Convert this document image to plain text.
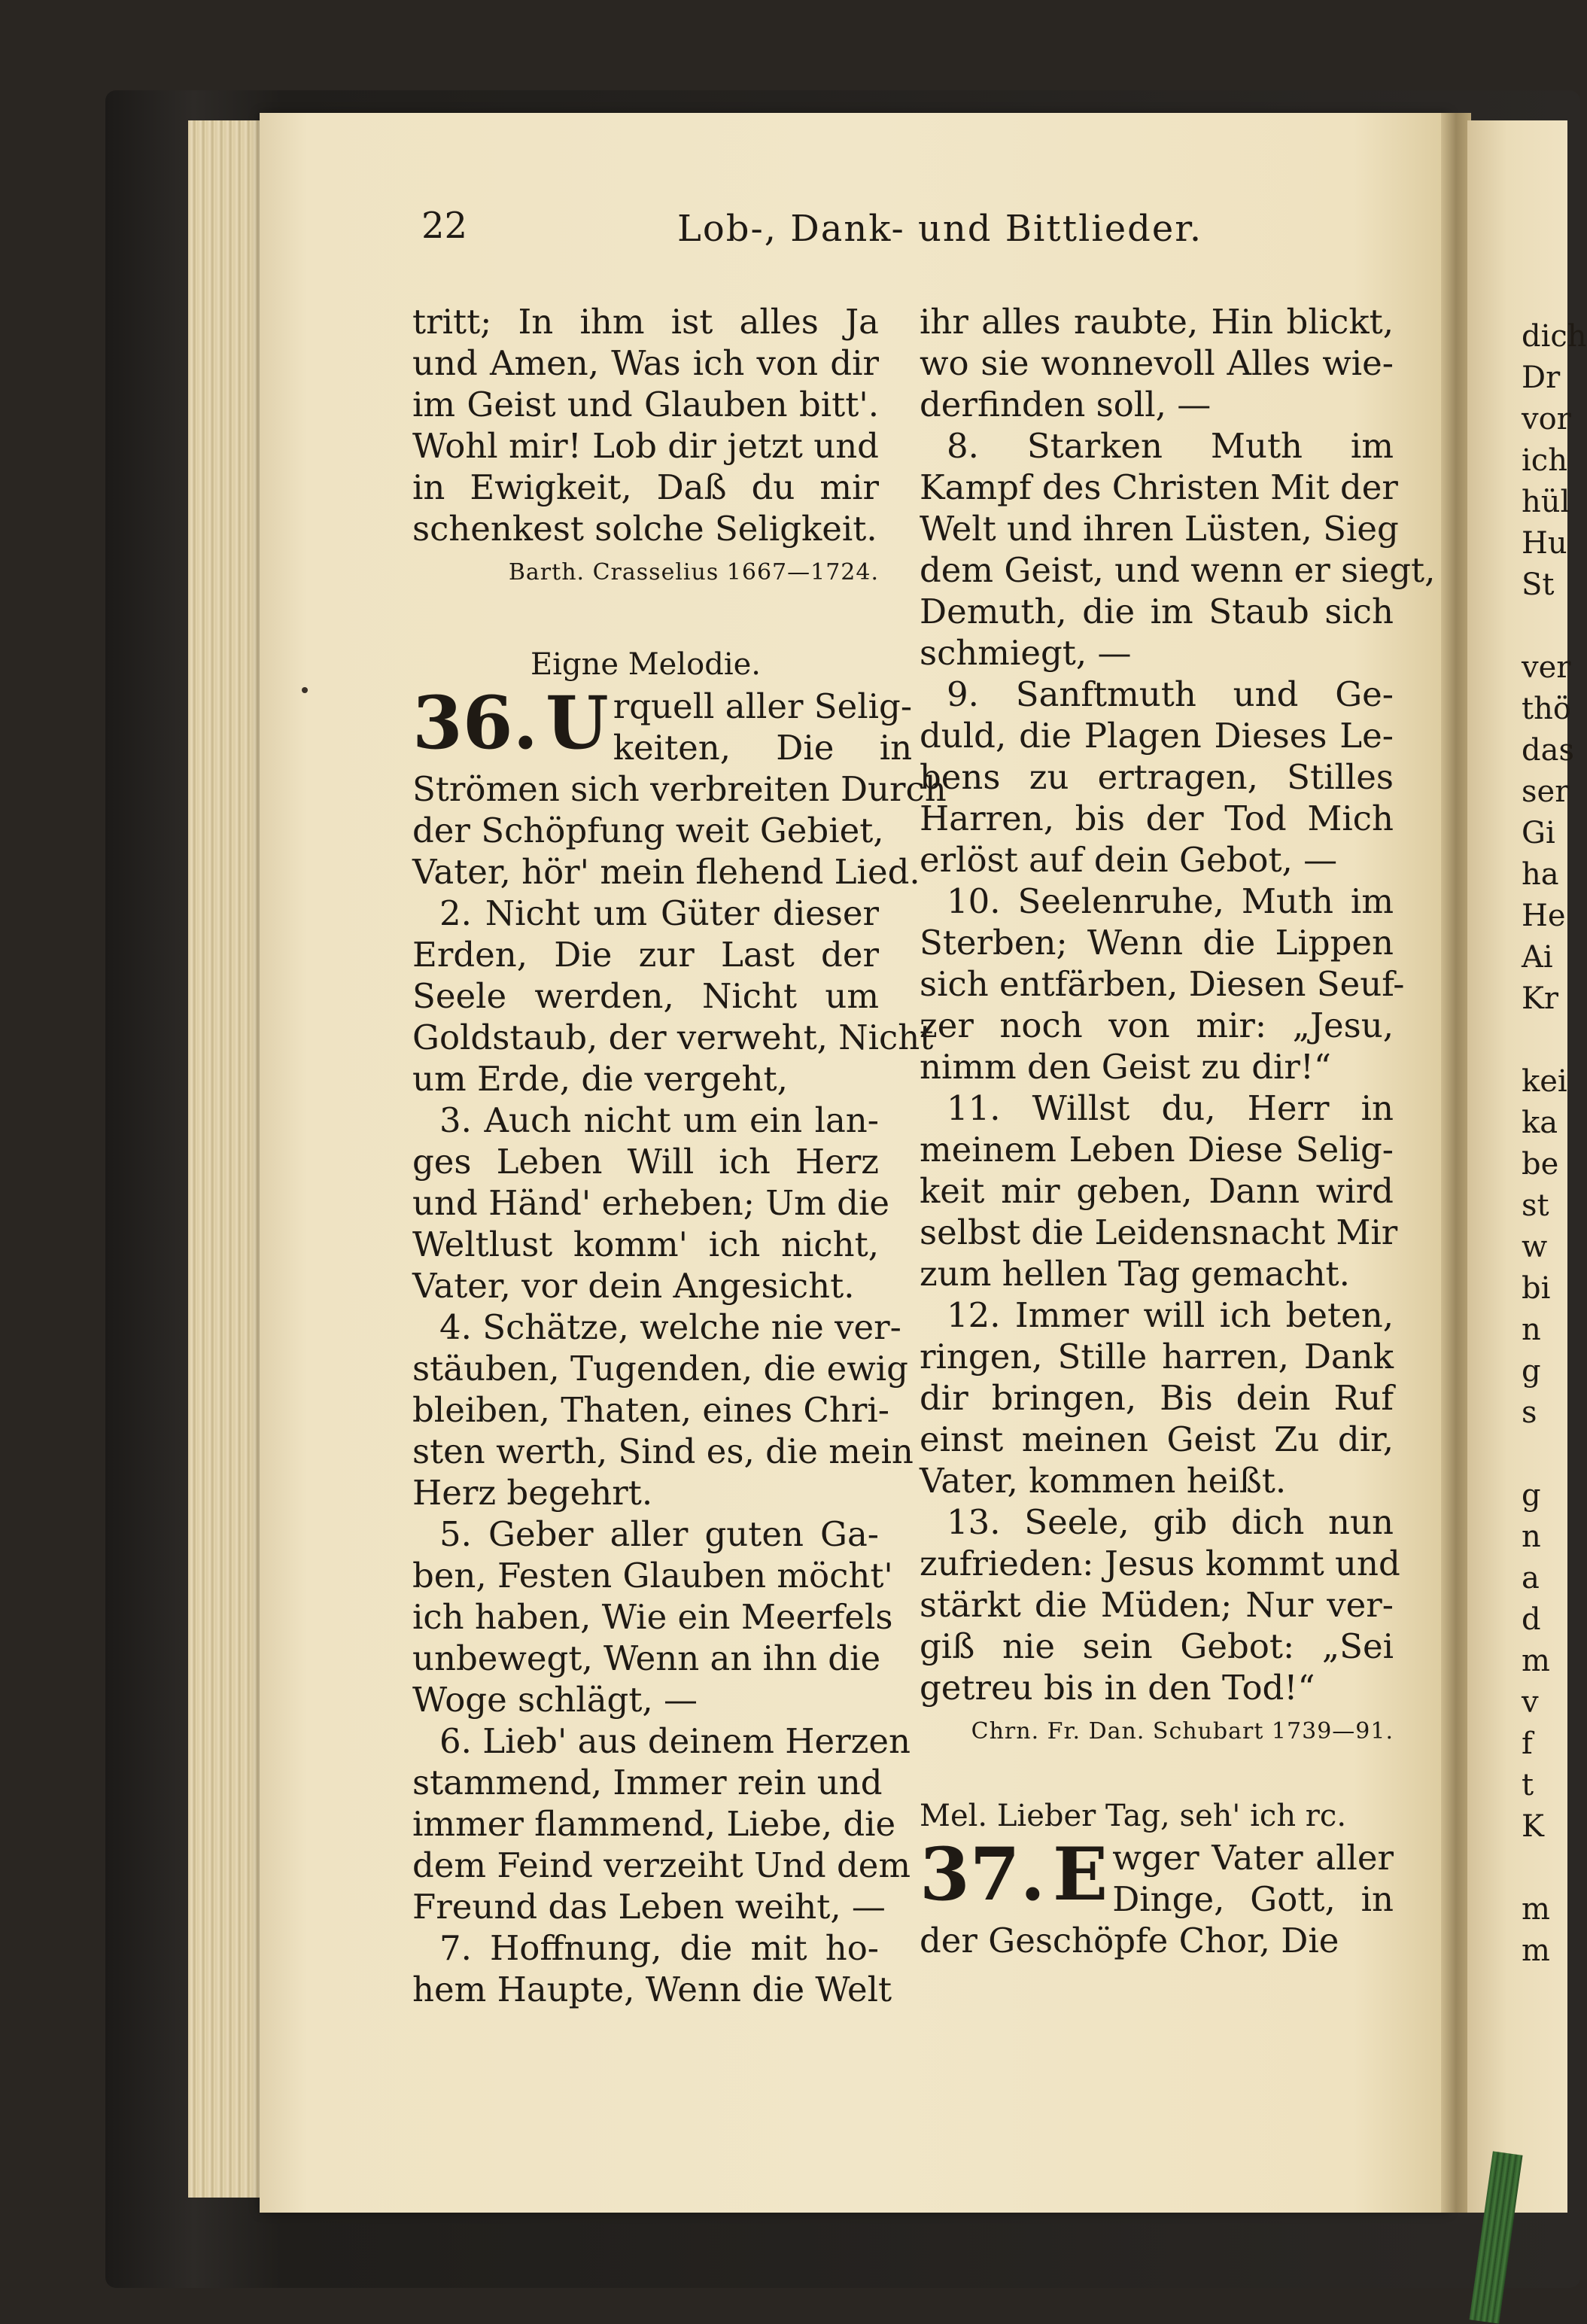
22	Lob-, Dank- und Bittlieder.
tritt; In ihm ist alles Ja
und Amen, Was ich von dir
im Geist und Glauben bitt'.
Wohl mir! Lob dir jetzt und
in Ewigkeit, Daß du mir
schenkest solche Seligkeit.
Barth. Crasselius 1667—1724.
Eigne Melodie.
36. U rquell aller Selig-
keiten, Die in
Strömen sich verbreiten Durch
der Schöpfung weit Gebiet,
Vater, hör' mein flehend Lied.
2. Nicht um Güter dieser
Erden, Die zur Last der
Seele werden, Nicht um
Goldstaub, der verweht, Nicht
um Erde, die vergeht,
3. Auch nicht um ein lan-
ges Leben Will ich Herz
und Händ' erheben; Um die
Weltlust komm' ich nicht,
Vater, vor dein Angesicht.
4. Schätze, welche nie ver-
stäuben, Tugenden, die ewig
bleiben, Thaten, eines Chri-
sten werth, Sind es, die mein
Herz begehrt.
5. Geber aller guten Ga-
ben, Festen Glauben möcht'
ich haben, Wie ein Meerfels
unbewegt, Wenn an ihn die
Woge schlägt, —
6. Lieb' aus deinem Herzen
stammend, Immer rein und
immer flammend, Liebe, die
dem Feind verzeiht Und dem
Freund das Leben weiht, —
7. Hoffnung, die mit ho-
hem Haupte, Wenn die Welt
ihr alles raubte, Hin blickt,
wo sie wonnevoll Alles wie-
derfinden soll, —
8. Starken Muth im
Kampf des Christen Mit der
Welt und ihren Lüsten, Sieg
dem Geist, und wenn er siegt,
Demuth, die im Staub sich
schmiegt, —
9. Sanftmuth und Ge-
duld, die Plagen Dieses Le-
bens zu ertragen, Stilles
Harren, bis der Tod Mich
erlöst auf dein Gebot, —
10. Seelenruhe, Muth im
Sterben; Wenn die Lippen
sich entfärben, Diesen Seuf-
zer noch von mir: „Jesu,
nimm den Geist zu dir!“
11. Willst du, Herr in
meinem Leben Diese Selig-
keit mir geben, Dann wird
selbst die Leidensnacht Mir
zum hellen Tag gemacht.
12. Immer will ich beten,
ringen, Stille harren, Dank
dir bringen, Bis dein Ruf
einst meinen Geist Zu dir,
Vater, kommen heißt.
13. Seele, gib dich nun
zufrieden: Jesus kommt und
stärkt die Müden; Nur ver-
giß nie sein Gebot: „Sei
getreu bis in den Tod!“
Chrn. Fr. Dan. Schubart 1739—91.
Mel. Lieber Tag, seh' ich rc.
37. E wger Vater aller
Dinge, Gott, in
der Geschöpfe Chor, Die
dich
Dr
vor
ich
hül
Hu
St
ver
thö
das
ser
Gi
ha
He
Ai
Kr
kei
ka
be
st
w
bi
n
g
s
g
n
a
d
m
v
f
t
K
m
m
